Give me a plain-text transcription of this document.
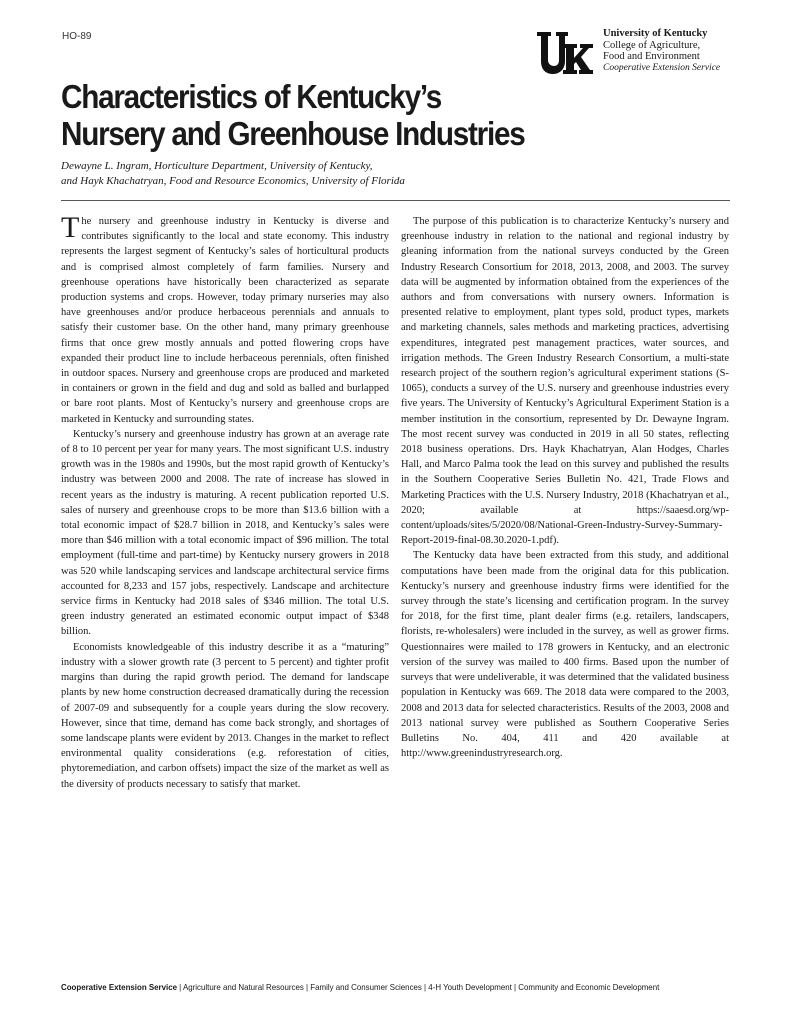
HO-89	University of Kentucky
College of Agriculture,
Food and Environment
Cooperative Extension Service
Characteristics of Kentucky’s
Nursery and Greenhouse Industries
Dewayne L. Ingram, Horticulture Department, University of Kentucky,
and Hayk Khachatryan, Food and Resource Economics, University of Florida

The nursery and greenhouse industry in Kentucky is diverse and contributes significantly to the local and state economy. This industry represents the largest segment of Kentucky’s sales of horticultural products and is comprised almost completely of farm families. Nursery and greenhouse operations have historically been characterized as separate production systems and crops. However, today primary nurseries may also have greenhouses and/or produce herbaceous perennials and annuals to satisfy their customer base. On the other hand, many primary greenhouse firms that once grew mostly annuals and potted flowering crops have expanded their product line to include herbaceous perennials, often finished in outdoor spaces. Nursery and greenhouse crops are produced and marketed in containers or grown in the field and dug and sold as balled and burlapped or bare root plants. Most of Kentucky’s nursery and greenhouse crops are marketed in Kentucky and surrounding states.

Kentucky’s nursery and greenhouse industry has grown at an average rate of 8 to 10 percent per year for many years. The most significant U.S. industry growth was in the 1980s and 1990s, but the most rapid growth of Kentucky’s industry was between 2000 and 2008. The rate of increase has slowed in recent years as the industry is maturing. A recent publication reported U.S. sales of nursery and greenhouse crops to be more than $13.6 billion with a total economic impact of $28.7 billion in 2018, and Kentucky’s sales were more than $46 million with a total economic impact of $96 million. The total employment (full-time and part-time) by Kentucky nursery growers in 2018 was 520 while landscaping services and landscape architectural service firms accounted for 8,233 and 157 jobs, respectively. Landscape and architecture service firms in Kentucky had 2018 sales of $346 million. The total U.S. green industry generated an estimated economic output impact of $348 billion.

Economists knowledgeable of this industry describe it as a “maturing” industry with a slower growth rate (3 percent to 5 percent) and tighter profit margins than during the rapid growth period. The demand for landscape plants by new home construction decreased dramatically during the recession of 2007-09 and subsequently for a couple years during the slow recovery. However, since that time, demand has come back strongly, and shortages of some landscape plants were evident by 2013. Changes in the market to reflect environmental quality considerations (e.g. reforestation of cities, phytoremediation, and carbon offsets) impact the size of the market as well as the diversity of products necessary to satisfy that market.

The purpose of this publication is to characterize Kentucky’s nursery and greenhouse industry in relation to the national and regional industry by gleaning information from the national surveys conducted by the Green Industry Research Consortium for 2018, 2013, 2008, and 2003. The survey data will be augmented by information obtained from the experiences of the authors and from conversations with nursery owners. Information is presented relative to employment, plant types sold, product types, markets and marketing channels, sales methods and marketing practices, advertising expenditures, integrated pest management practices, water sources, and irrigation methods. The Green Industry Research Consortium, a multi-state research project of the southern region’s agricultural experiment stations (S-1065), conducts a survey of the U.S. nursery and greenhouse industries every five years. The University of Kentucky’s Agricultural Experiment Station is a member institution in the consortium, represented by Dr. Dewayne Ingram. The most recent survey was conducted in 2019 in all 50 states, reflecting 2018 business operations. Drs. Hayk Khachatryan, Alan Hodges, Charles Hall, and Marco Palma took the lead on this survey and published the results in the Southern Cooperative Series Bulletin No. 421, Trade Flows and Marketing Practices with the U.S. Nursery Industry, 2018 (Khachatryan et al., 2020; available at https://saaesd.org/wp-content/uploads/sites/5/2020/08/National-Green-Industry-Survey-Summary-Report-2019-final-08.30.2020-1.pdf).

The Kentucky data have been extracted from this study, and additional computations have been made from the original data for this publication. Kentucky’s nursery and greenhouse industry firms were identified for the survey through the state’s licensing and certification program. In the survey for 2018, for the first time, plant dealer firms (e.g. retailers, landscapers, florists, re-wholesalers) were included in the survey, as well as grower firms. Questionnaires were mailed to 178 growers in Kentucky, and an electronic version of the survey was mailed to 400 firms. Based upon the number of surveys that were undeliverable, it was determined that the validated business population in Kentucky was 669. The 2018 data were compared to the 2003, 2008 and 2013 data for selected characteristics. Results of the 2003, 2008 and 2013 national survey were published as Southern Cooperative Series Bulletins No. 404, 411 and 420 available at http://www.greenindustryresearch.org.

Cooperative Extension Service | Agriculture and Natural Resources | Family and Consumer Sciences | 4-H Youth Development | Community and Economic Development
